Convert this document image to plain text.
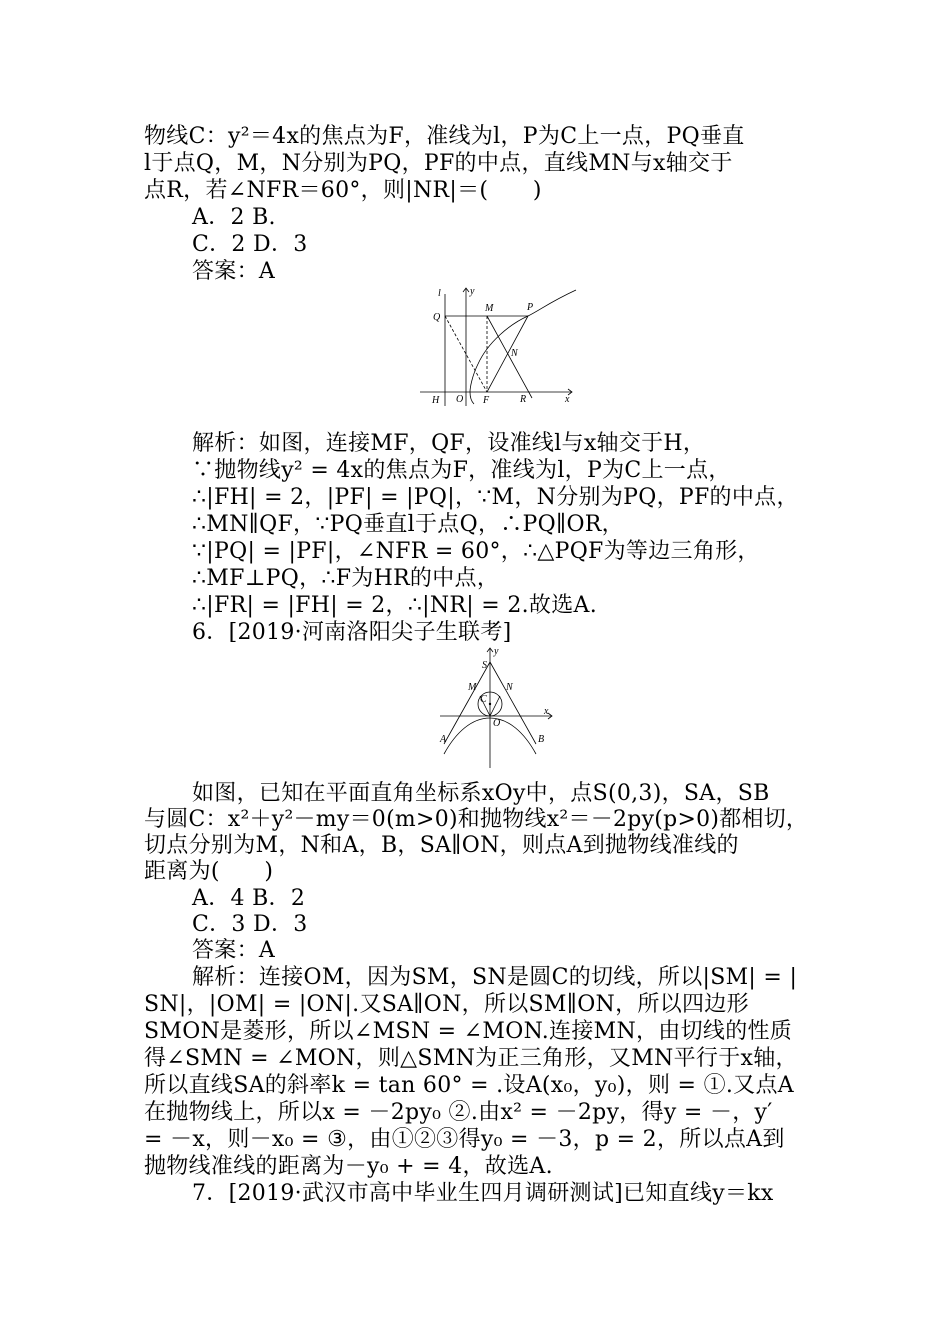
物线C：y²＝4x的焦点为F，准线为l，P为C上一点，PQ垂直
l于点Q，M，N分别为PQ，PF的中点，直线MN与x轴交于
点R，若∠NFR＝60°，则|NR|＝(　　)
A．2 B.
C．2 D．3
答案：A
l	y
M	P
Q
N
H O F	R	x
解析：如图，连接MF，QF，设准线l与x轴交于H，
∵抛物线y² = 4x的焦点为F，准线为l，P为C上一点，
∴|FH| = 2，|PF| = |PQ|，∵M，N分别为PQ，PF的中点，
∴MN∥QF，∵PQ垂直l于点Q，∴PQ∥OR，
∵|PQ| = |PF|，∠NFR = 60°，∴△PQF为等边三角形，
∴MF⊥PQ，∴F为HR的中点，
∴|FR| = |FH| = 2，∴|NR| = 2.故选A.
6．[2019·河南洛阳尖子生联考]
y
S
M	N
C
O
x
A	B
如图，已知在平面直角坐标系xOy中，点S(0,3)，SA，SB
与圆C：x²＋y²－my＝0(m>0)和抛物线x²＝－2py(p>0)都相切，
切点分别为M，N和A，B，SA∥ON，则点A到抛物线准线的
距离为(　　)
A．4 B．2
C．3 D．3
答案：A
解析：连接OM，因为SM，SN是圆C的切线，所以|SM| = |
SN|，|OM| = |ON|.又SA∥ON，所以SM∥ON，所以四边形
SMON是菱形，所以∠MSN = ∠MON.连接MN，由切线的性质
得∠SMN = ∠MON，则△SMN为正三角形，又MN平行于x轴，
所以直线SA的斜率k = tan 60° = .设A(x₀，y₀)，则 = ①.又点A
在抛物线上，所以x = －2py₀ ②.由x² = －2py，得y = －，y′
= －x，则－x₀ = ③，由①②③得y₀ = －3，p = 2，所以点A到
抛物线准线的距离为－y₀ + = 4，故选A.
7．[2019·武汉市高中毕业生四月调研测试]已知直线y＝kx
